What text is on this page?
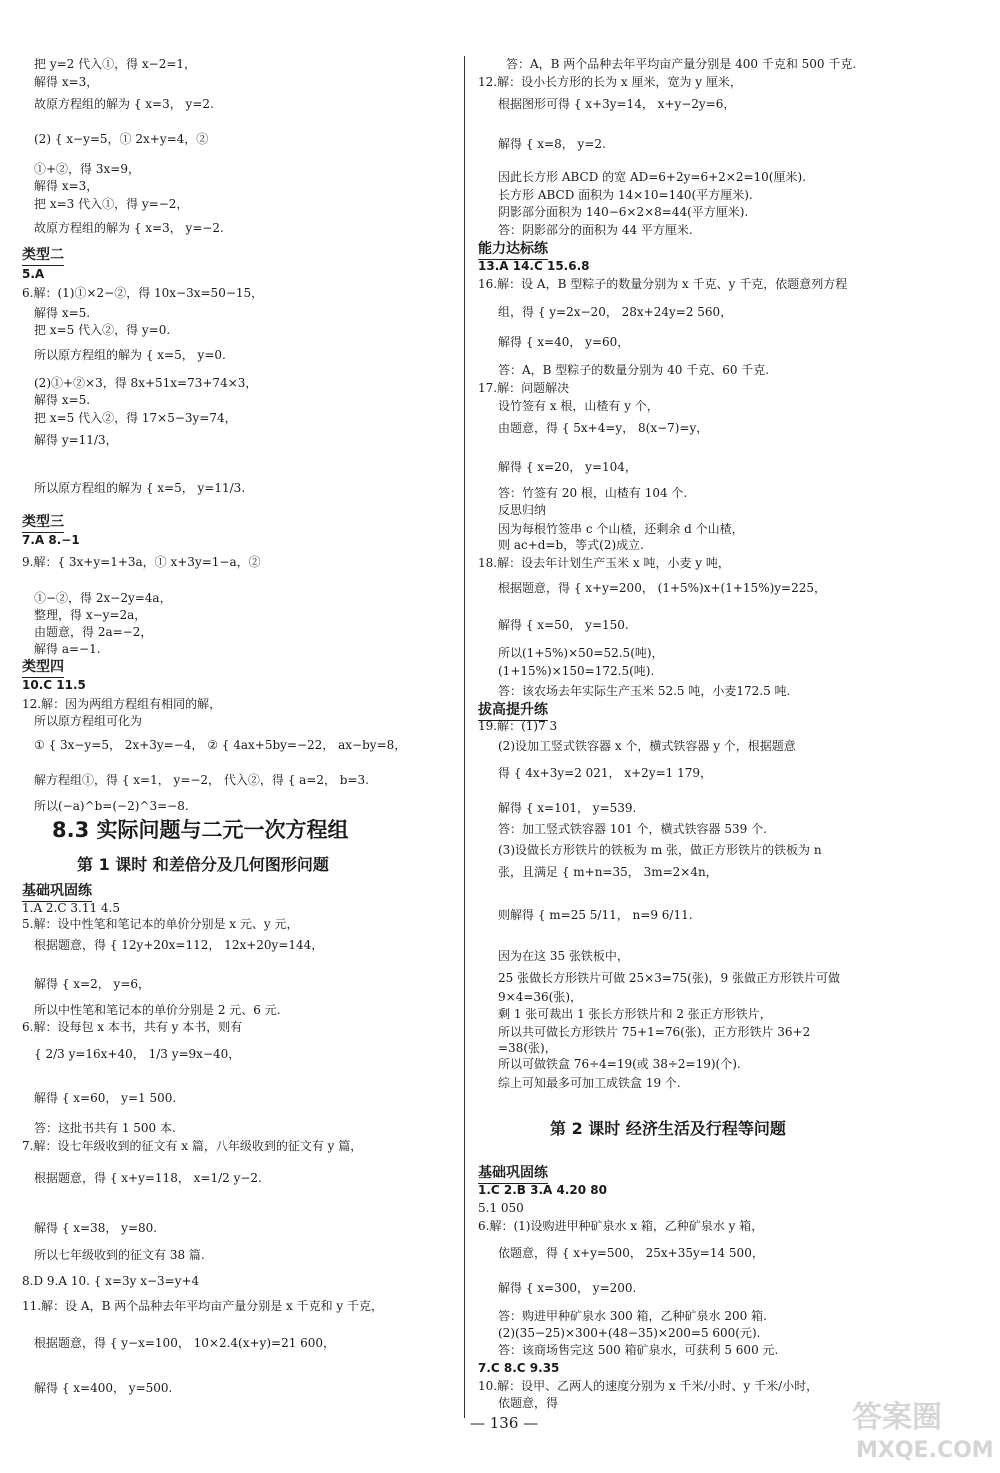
把 y=2 代入①，得 x−2=1，
解得 x=3，
故原方程组的解为 { x=3， y=2.
(2) { x−y=5，① 2x+y=4，②
①+②，得 3x=9，
解得 x=3，
把 x=3 代入①，得 y=−2，
故原方程组的解为 { x=3， y=−2.
类型二
5.A
6.解：(1)①×2−②，得 10x−3x=50−15，
解得 x=5.
把 x=5 代入②，得 y=0.
所以原方程组的解为 { x=5， y=0.
(2)①+②×3，得 8x+51x=73+74×3，
解得 x=5.
把 x=5 代入②，得 17×5−3y=74，
解得 y=11/3，
所以原方程组的解为 { x=5， y=11/3.
类型三
7.A 8.−1
9.解：{ 3x+y=1+3a，① x+3y=1−a，②
①−②，得 2x−2y=4a，
整理，得 x−y=2a，
由题意，得 2a=−2，
解得 a=−1.
类型四
10.C 11.5
12.解：因为两组方程组有相同的解，
所以原方程组可化为
① { 3x−y=5， 2x+3y=−4， ② { 4ax+5by=−22， ax−by=8，
解方程组①，得 { x=1， y=−2， 代入②，得 { a=2， b=3.
所以(−a)^b=(−2)^3=−8.
8.3 实际问题与二元一次方程组
第 1 课时 和差倍分及几何图形问题
基础巩固练
1.A 2.C 3.11 4.5
5.解：设中性笔和笔记本的单价分别是 x 元、y 元，
根据题意，得 { 12y+20x=112， 12x+20y=144，
解得 { x=2， y=6，
所以中性笔和笔记本的单价分别是 2 元、6 元.
6.解：设每包 x 本书，共有 y 本书，则有
{ 2/3 y=16x+40， 1/3 y=9x−40，
解得 { x=60， y=1 500.
答：这批书共有 1 500 本.
7.解：设七年级收到的征文有 x 篇，八年级收到的征文有 y 篇，
根据题意，得 { x+y=118， x=1/2 y−2.
解得 { x=38， y=80.
所以七年级收到的征文有 38 篇.
8.D 9.A 10. { x=3y x−3=y+4
11.解：设 A，B 两个品种去年平均亩产量分别是 x 千克和 y 千克，
根据题意，得 { y−x=100， 10×2.4(x+y)=21 600，
解得 { x=400， y=500.
答：A，B 两个品种去年平均亩产量分别是 400 千克和 500 千克.
12.解：设小长方形的长为 x 厘米，宽为 y 厘米，
根据图形可得 { x+3y=14， x+y−2y=6，
解得 { x=8， y=2.
因此长方形 ABCD 的宽 AD=6+2y=6+2×2=10(厘米).
长方形 ABCD 面积为 14×10=140(平方厘米).
阴影部分面积为 140−6×2×8=44(平方厘米).
答：阴影部分的面积为 44 平方厘米.
能力达标练
13.A 14.C 15.6.8
16.解：设 A，B 型粽子的数量分别为 x 千克、y 千克，依题意列方程
组，得 { y=2x−20， 28x+24y=2 560，
解得 { x=40， y=60，
答：A，B 型粽子的数量分别为 40 千克、60 千克.
17.解：问题解决
设竹签有 x 根，山楂有 y 个，
由题意，得 { 5x+4=y， 8(x−7)=y，
解得 { x=20， y=104，
答：竹签有 20 根，山楂有 104 个.
反思归纳
因为每根竹签串 c 个山楂，还剩余 d 个山楂，
则 ac+d=b，等式(2)成立.
18.解：设去年计划生产玉米 x 吨，小麦 y 吨，
根据题意，得 { x+y=200， (1+5%)x+(1+15%)y=225，
解得 { x=50， y=150.
所以(1+5%)×50=52.5(吨)，
(1+15%)×150=172.5(吨).
答：该农场去年实际生产玉米 52.5 吨，小麦172.5 吨.
拔高提升练
19.解：(1)7 3
(2)设加工竖式铁容器 x 个，横式铁容器 y 个，根据题意
得 { 4x+3y=2 021， x+2y=1 179，
解得 { x=101， y=539.
答：加工竖式铁容器 101 个，横式铁容器 539 个.
(3)设做长方形铁片的铁板为 m 张，做正方形铁片的铁板为 n
张，且满足 { m+n=35， 3m=2×4n，
则解得 { m=25 5/11， n=9 6/11.
因为在这 35 张铁板中，
25 张做长方形铁片可做 25×3=75(张)，9 张做正方形铁片可做
9×4=36(张)，
剩 1 张可裁出 1 张长方形铁片和 2 张正方形铁片，
所以共可做长方形铁片 75+1=76(张)，正方形铁片 36+2
=38(张)，
所以可做铁盒 76÷4=19(或 38÷2=19)(个).
综上可知最多可加工成铁盒 19 个.
第 2 课时 经济生活及行程等问题
基础巩固练
1.C 2.B 3.A 4.20 80
5.1 050
6.解：(1)设购进甲种矿泉水 x 箱，乙种矿泉水 y 箱，
依题意，得 { x+y=500， 25x+35y=14 500，
解得 { x=300， y=200.
答：购进甲种矿泉水 300 箱，乙种矿泉水 200 箱.
(2)(35−25)×300+(48−35)×200=5 600(元).
答：该商场售完这 500 箱矿泉水，可获利 5 600 元.
7.C 8.C 9.35
10.解：设甲、乙两人的速度分别为 x 千米/小时、y 千米/小时，
依题意，得
— 136 —	答案圈
MXQE.COM
